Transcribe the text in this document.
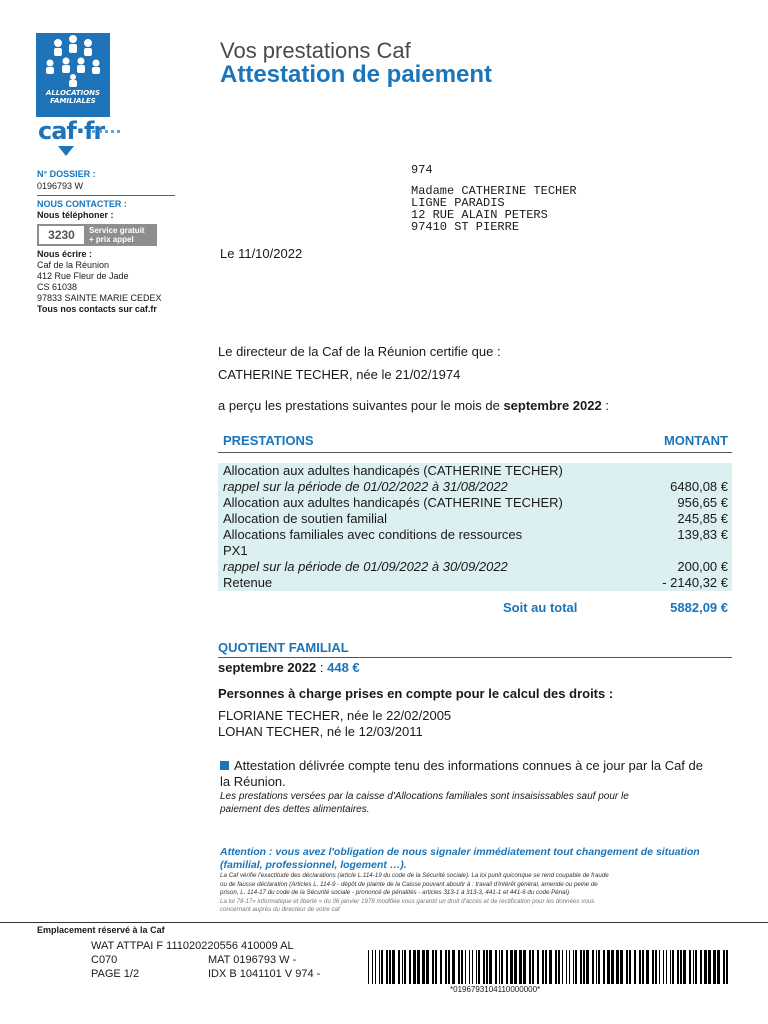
ALLOCATIONS
FAMILIALES
caf·fr
Vos prestations Caf
Attestation de paiement
N° DOSSIER :
0196793 W
NOUS CONTACTER :
Nous téléphoner :
3230	Service gratuit
+ prix appel
Nous écrire :
Caf de la Réunion
412 Rue Fleur de Jade
CS 61038
97833 SAINTE MARIE CEDEX
Tous nos contacts sur caf.fr
974
Madame CATHERINE TECHER
LIGNE PARADIS
12 RUE ALAIN PETERS
97410 ST PIERRE
Le 11/10/2022
Le directeur de la Caf de la Réunion certifie que :
CATHERINE TECHER, née le 21/02/1974
a perçu les prestations suivantes pour le mois de septembre 2022 :
PRESTATIONS	MONTANT
Allocation aux adultes handicapés (CATHERINE TECHER)
rappel sur la période de 01/02/2022 à 31/08/2022	6480,08 €
Allocation aux adultes handicapés (CATHERINE TECHER)	956,65 €
Allocation de soutien familial	245,85 €
Allocations familiales avec conditions de ressources	139,83 €
PX1
rappel sur la période de 01/09/2022 à 30/09/2022	200,00 €
Retenue	- 2140,32 €
Soit au total	5882,09 €
QUOTIENT FAMILIAL
septembre 2022 : 448 €
Personnes à charge prises en compte pour le calcul des droits :
FLORIANE TECHER, née le 22/02/2005
LOHAN TECHER, né le 12/03/2011
Attestation délivrée compte tenu des informations connues à ce jour par la Caf de
la Réunion.
Les prestations versées par la caisse d'Allocations familiales sont insaisissables sauf pour le
paiement des dettes alimentaires.
Attention : vous avez l'obligation de nous signaler immédiatement tout changement de situation
(familial, professionnel, logement …).
La Caf vérifie l'exactitude des déclarations (article L.114-19 du code de la Sécurité sociale). La loi punit quiconque se rend coupable de fraude
ou de fausse déclaration (Articles L. 114-9 - dépôt de plainte de la Caisse pouvant aboutir à : travail d'intérêt général, amende ou peine de
prison, L. 114-17 du code de la Sécurité sociale - prononcé de pénalités - articles 313-1 à 313-3, 441-1 et 441-6 du code Pénal).
La loi 78-17« informatique et liberté » du 06 janvier 1978 modifiée vous garantit un droit d'accès et de rectification pour les données vous
concernant auprès du directeur de votre caf
Emplacement réservé à la Caf
WAT ATTPAI F 111020220556 410009 AL
C070
PAGE 1/2
MAT 0196793 W -
IDX B 1041101 V 974 -
*0196793104110000000*
